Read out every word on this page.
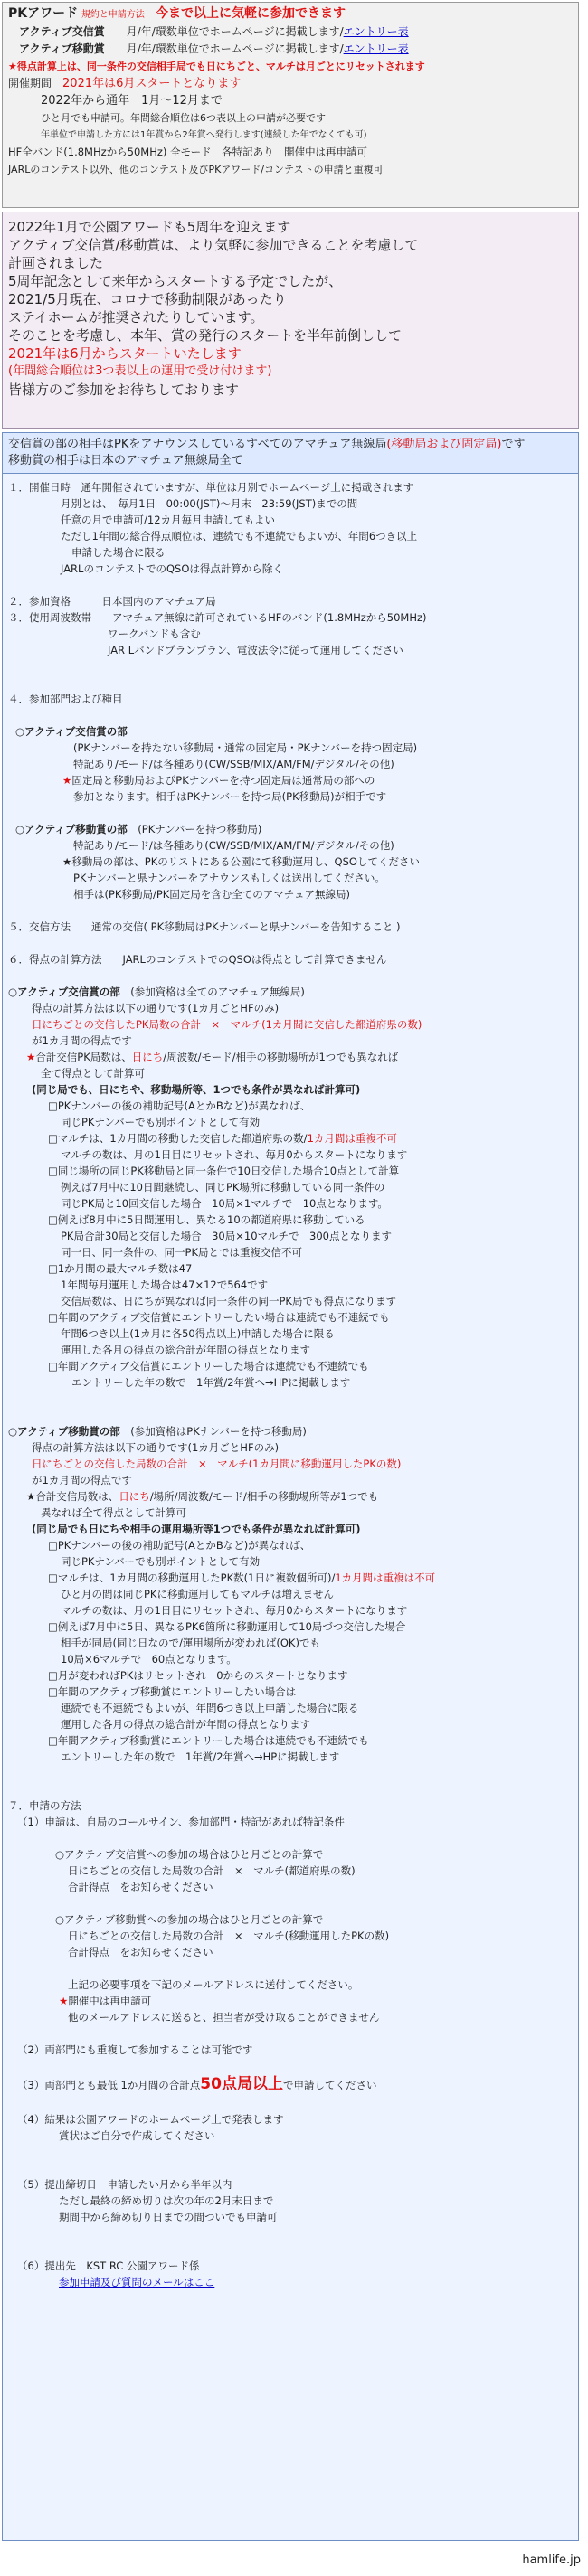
PKアワード 規約と申請方法　 今まで以上に気軽に参加できます
　アクティブ交信賞　　 月/年/環数単位でホームページに掲載します/エントリー表
　アクティブ移動賞　　 月/年/環数単位でホームページに掲載します/エントリー表
★得点計算上は、同一条件の交信相手局でも日にちごと、マルチは月ごとにリセットされます
開催期間　 2021年は6月スタートとなります
2022年から通年　1月～12月まで
ひと月でも申請可。年間総合順位は6つ表以上の申請が必要です
年単位で申請した方には1年賞から2年賞へ発行します(連続した年でなくても可)
HF全バンド(1.8MHzから50MHz) 全モード　各特記あり　開催中は再申請可
JARLのコンテスト以外、他のコンテスト及びPKアワード/コンテストの申請と重複可
2022年1月で公園アワードも5周年を迎えます
アクティブ交信賞/移動賞は、より気軽に参加できることを考慮して
計画されました
5周年記念として来年からスタートする予定でしたが、
2021/5月現在、コロナで移動制限があったり
ステイホームが推奨されたりしています。
そのことを考慮し、本年、賞の発行のスタートを半年前倒しして
2021年は6月からスタートいたします
(年間総合順位は3つ表以上の運用で受け付けます)
皆様方のご参加をお待ちしております
交信賞の部の相手はPKをアナウンスしているすべてのアマチュア無線局(移動局および固定局)です
移動賞の相手は日本のアマチュア無線局全て
１．開催日時　通年開催されていますが、単位は月別でホームページ上に掲載されます
月別とは、　毎月1日　00:00(JST)～月末　23:59(JST)までの間
任意の月で申請可/12カ月毎月申請してもよい
ただし1年間の総合得点順位は、連続でも不連続でもよいが、年間6つき以上
申請した場合に限る
JARLのコンテストでのQSOは得点計算から除く
２．参加資格　　　日本国内のアマチュア局
３．使用周波数帯　　アマチュア無線に許可されているHFのバンド(1.8MHzから50MHz)
ワークバンドも含む
JAR Lバンドプランプラン、電波法令に従って運用してください
４．参加部門および種目
○アクティブ交信賞の部
(PKナンバーを持たない移動局・通常の固定局・PKナンバーを持つ固定局)
特記あり/モード/は各種あり(CW/SSB/MIX/AM/FM/デジタル/その他)
★固定局と移動局およびPKナンバーを持つ固定局は通常局の部への
参加となります。相手はPKナンバーを持つ局(PK移動局)が相手です
○アクティブ移動賞の部　 (PKナンバーを持つ移動局)
特記あり/モード/は各種あり(CW/SSB/MIX/AM/FM/デジタル/その他)
★移動局の部は、PKのリストにある公園にて移動運用し、QSOしてください
PKナンバーと県ナンバーをアナウンスもしくは送出してください。
相手は(PK移動局/PK固定局を含む全てのアマチュア無線局)
５．交信方法　　通常の交信( PK移動局はPKナンバーと県ナンバーを告知すること )
６．得点の計算方法　　JARLのコンテストでのQSOは得点として計算できません
○アクティブ交信賞の部　 (参加資格は全てのアマチュア無線局)
得点の計算方法は以下の通りです(1カ月ごとHFのみ)
日にちごとの交信したPK局数の合計　×　マルチ(1カ月間に交信した都道府県の数)
が1カ月間の得点です
★合計交信PK局数は、日にち/周波数/モード/相手の移動場所が1つでも異なれば
全て得点として計算可
(同じ局でも、日にちや、移動場所等、1つでも条件が異なれば計算可)
□PKナンバーの後の補助記号(AとかBなど)が異なれば、
同じPKナンバーでも別ポイントとして有効
□マルチは、1カ月間の移動した交信した都道府県の数/1カ月間は重複不可
マルチの数は、月の1日目にリセットされ、毎月0からスタートになります
□同じ場所の同じPK移動局と同一条件で10日交信した場合10点として計算
例えば7月中に10日間継続し、同じPK場所に移動している同一条件の
同じPK局と10回交信した場合　10局×1マルチで　10点となります。
□例えば8月中に5日間運用し、異なる10の都道府県に移動している
PK局合計30局と交信した場合　30局×10マルチで　300点となります
同一日、同一条件の、同一PK局とでは重複交信不可
□1か月間の最大マルチ数は47
1年間毎月運用した場合は47×12で564です
交信局数は、日にちが異なれば同一条件の同一PK局でも得点になります
□年間のアクティブ交信賞にエントリーしたい場合は連続でも不連続でも
年間6つき以上(1カ月に各50得点以上)申請した場合に限る
運用した各月の得点の総合計が年間の得点となります
□年間アクティブ交信賞にエントリーした場合は連続でも不連続でも
エントリーした年の数で　1年賞/2年賞へ→HPに掲載します
○アクティブ移動賞の部　 (参加資格はPKナンバーを持つ移動局)
得点の計算方法は以下の通りです(1カ月ごとHFのみ)
日にちごとの交信した局数の合計　×　マルチ(1カ月間に移動運用したPKの数)
が1カ月間の得点です
★合計交信局数は、日にち/場所/周波数/モード/相手の移動場所等が1つでも
異なれば全て得点として計算可
(同じ局でも日にちや相手の運用場所等1つでも条件が異なれば計算可)
□PKナンバーの後の補助記号(AとかBなど)が異なれば、
同じPKナンバーでも別ポイントとして有効
□マルチは、1カ月間の移動運用したPK数(1日に複数個所可)/1カ月間は重複は不可
ひと月の間は同じPKに移動運用してもマルチは増えません
マルチの数は、月の1日目にリセットされ、毎月0からスタートになります
□例えば7月中に5日、異なるPK6箇所に移動運用して10局づつ交信した場合
相手が同局(同じ日なので/運用場所が変われば(OK)でも
10局×6マルチで　60点となります。
□月が変わればPKはリセットされ　0からのスタートとなります
□年間のアクティブ移動賞にエントリーしたい場合は
連続でも不連続でもよいが、年間6つき以上申請した場合に限る
運用した各月の得点の総合計が年間の得点となります
□年間アクティブ移動賞にエントリーした場合は連続でも不連続でも
エントリーした年の数で　1年賞/2年賞へ→HPに掲載します
７．申請の方法
（1）申請は、自局のコールサイン、参加部門・特記があれば特記条件
○アクティブ交信賞への参加の場合はひと月ごとの計算で
日にちごとの交信した局数の合計　×　マルチ(都道府県の数)
合計得点　をお知らせください
○アクティブ移動賞への参加の場合はひと月ごとの計算で
日にちごとの交信した局数の合計　×　マルチ(移動運用したPKの数)
合計得点　をお知らせください
上記の必要事項を下記のメールアドレスに送付してください。
★開催中は再申請可
他のメールアドレスに送ると、担当者が受け取ることができません
（2）両部門にも重複して参加することは可能です
（3）両部門とも最低 1か月間の合計点50点局以上で申請してください
（4）結果は公園アワードのホームページ上で発表します
賞状はご自分で作成してください
（5）提出締切日　申請したい月から半年以内
ただし最終の締め切りは次の年の2月末日まで
期間中から締め切り日までの間ついでも申請可
（6）提出先　KST RC 公園アワード係
参加申請及び質問のメールはここ
hamlife.jp
